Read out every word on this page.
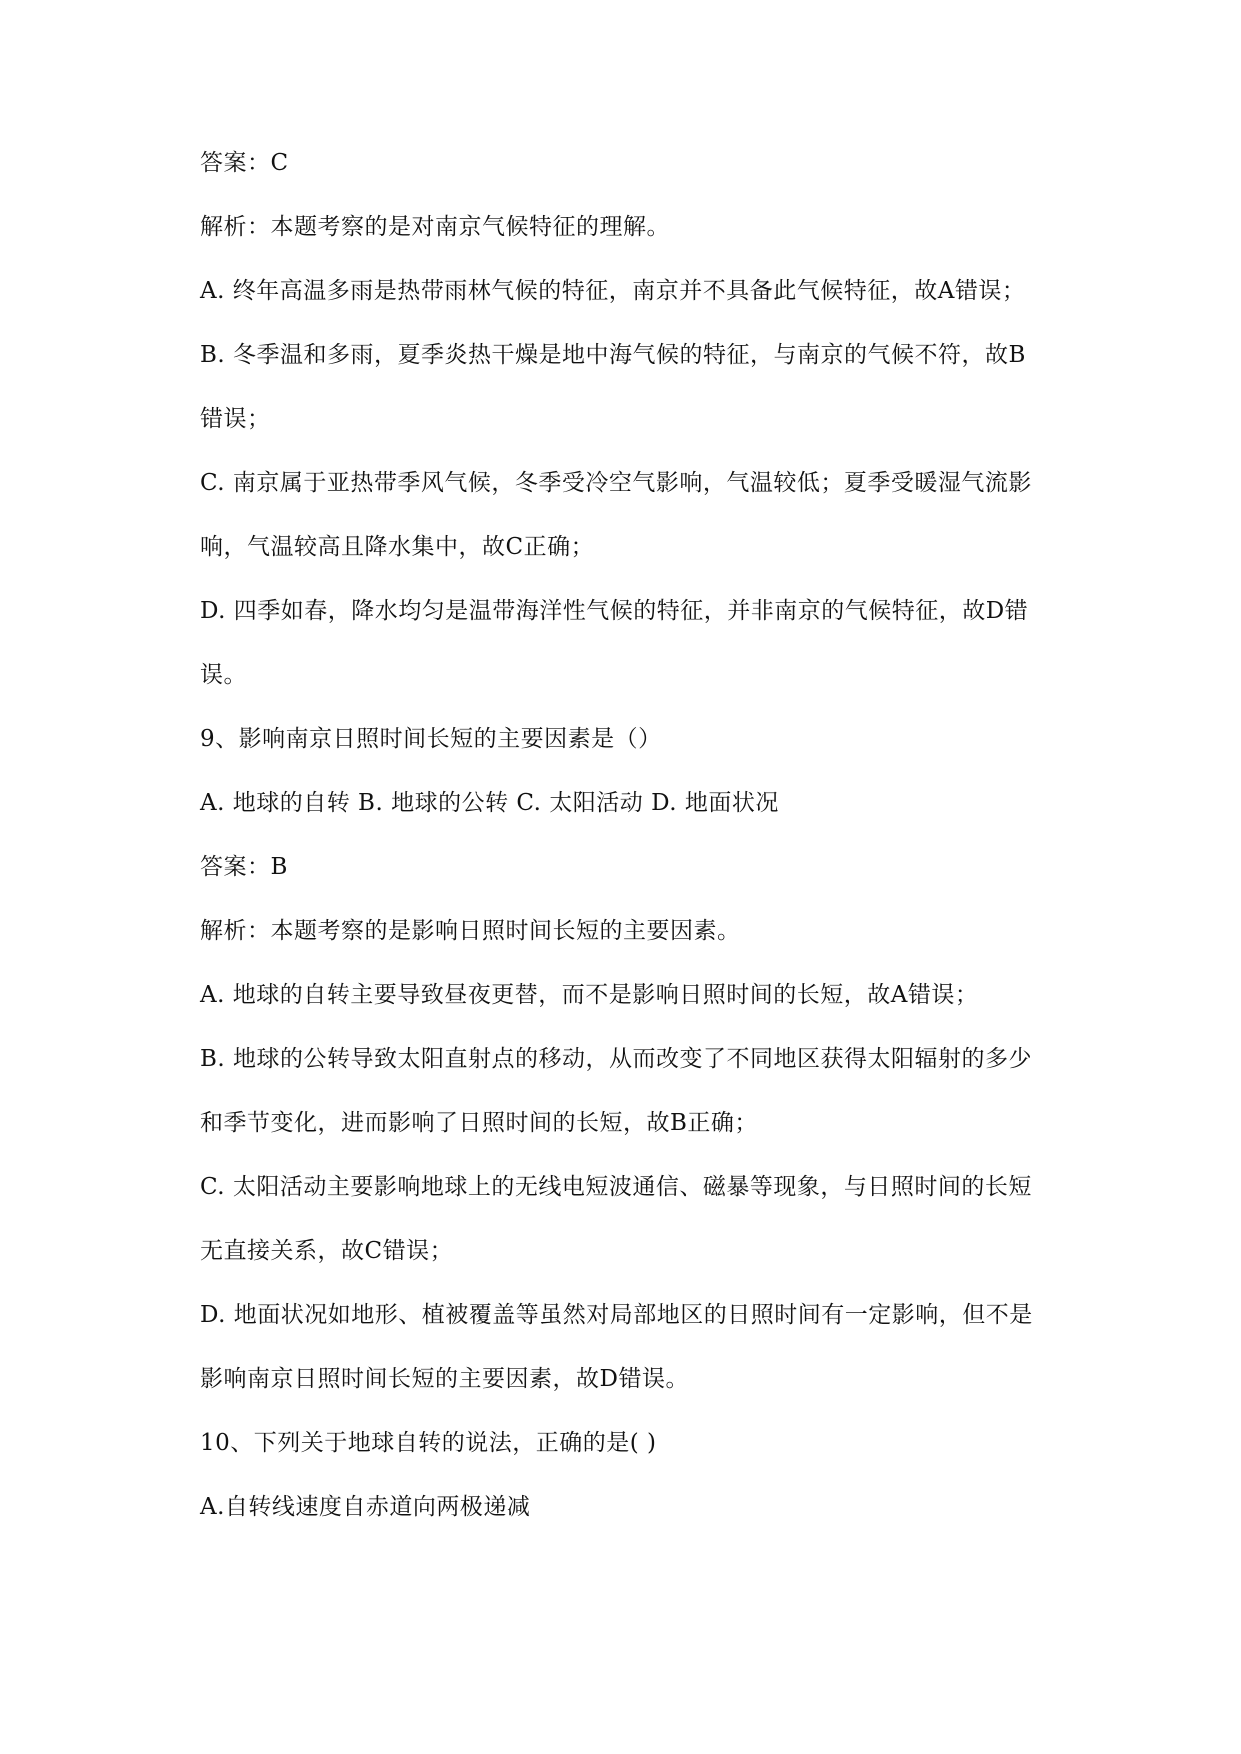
答案：C
解析：本题考察的是对南京气候特征的理解。
A. 终年高温多雨是热带雨林气候的特征，南京并不具备此气候特征，故A错误；
B. 冬季温和多雨，夏季炎热干燥是地中海气候的特征，与南京的气候不符，故B
错误；
C. 南京属于亚热带季风气候，冬季受冷空气影响，气温较低；夏季受暖湿气流影
响，气温较高且降水集中，故C正确；
D. 四季如春，降水均匀是温带海洋性气候的特征，并非南京的气候特征，故D错
误。
9、影响南京日照时间长短的主要因素是（）
A. 地球的自转 B. 地球的公转 C. 太阳活动 D. 地面状况
答案：B
解析：本题考察的是影响日照时间长短的主要因素。
A. 地球的自转主要导致昼夜更替，而不是影响日照时间的长短，故A错误；
B. 地球的公转导致太阳直射点的移动，从而改变了不同地区获得太阳辐射的多少
和季节变化，进而影响了日照时间的长短，故B正确；
C. 太阳活动主要影响地球上的无线电短波通信、磁暴等现象，与日照时间的长短
无直接关系，故C错误；
D. 地面状况如地形、植被覆盖等虽然对局部地区的日照时间有一定影响，但不是
影响南京日照时间长短的主要因素，故D错误。
10、下列关于地球自转的说法，正确的是( )
A.自转线速度自赤道向两极递减
